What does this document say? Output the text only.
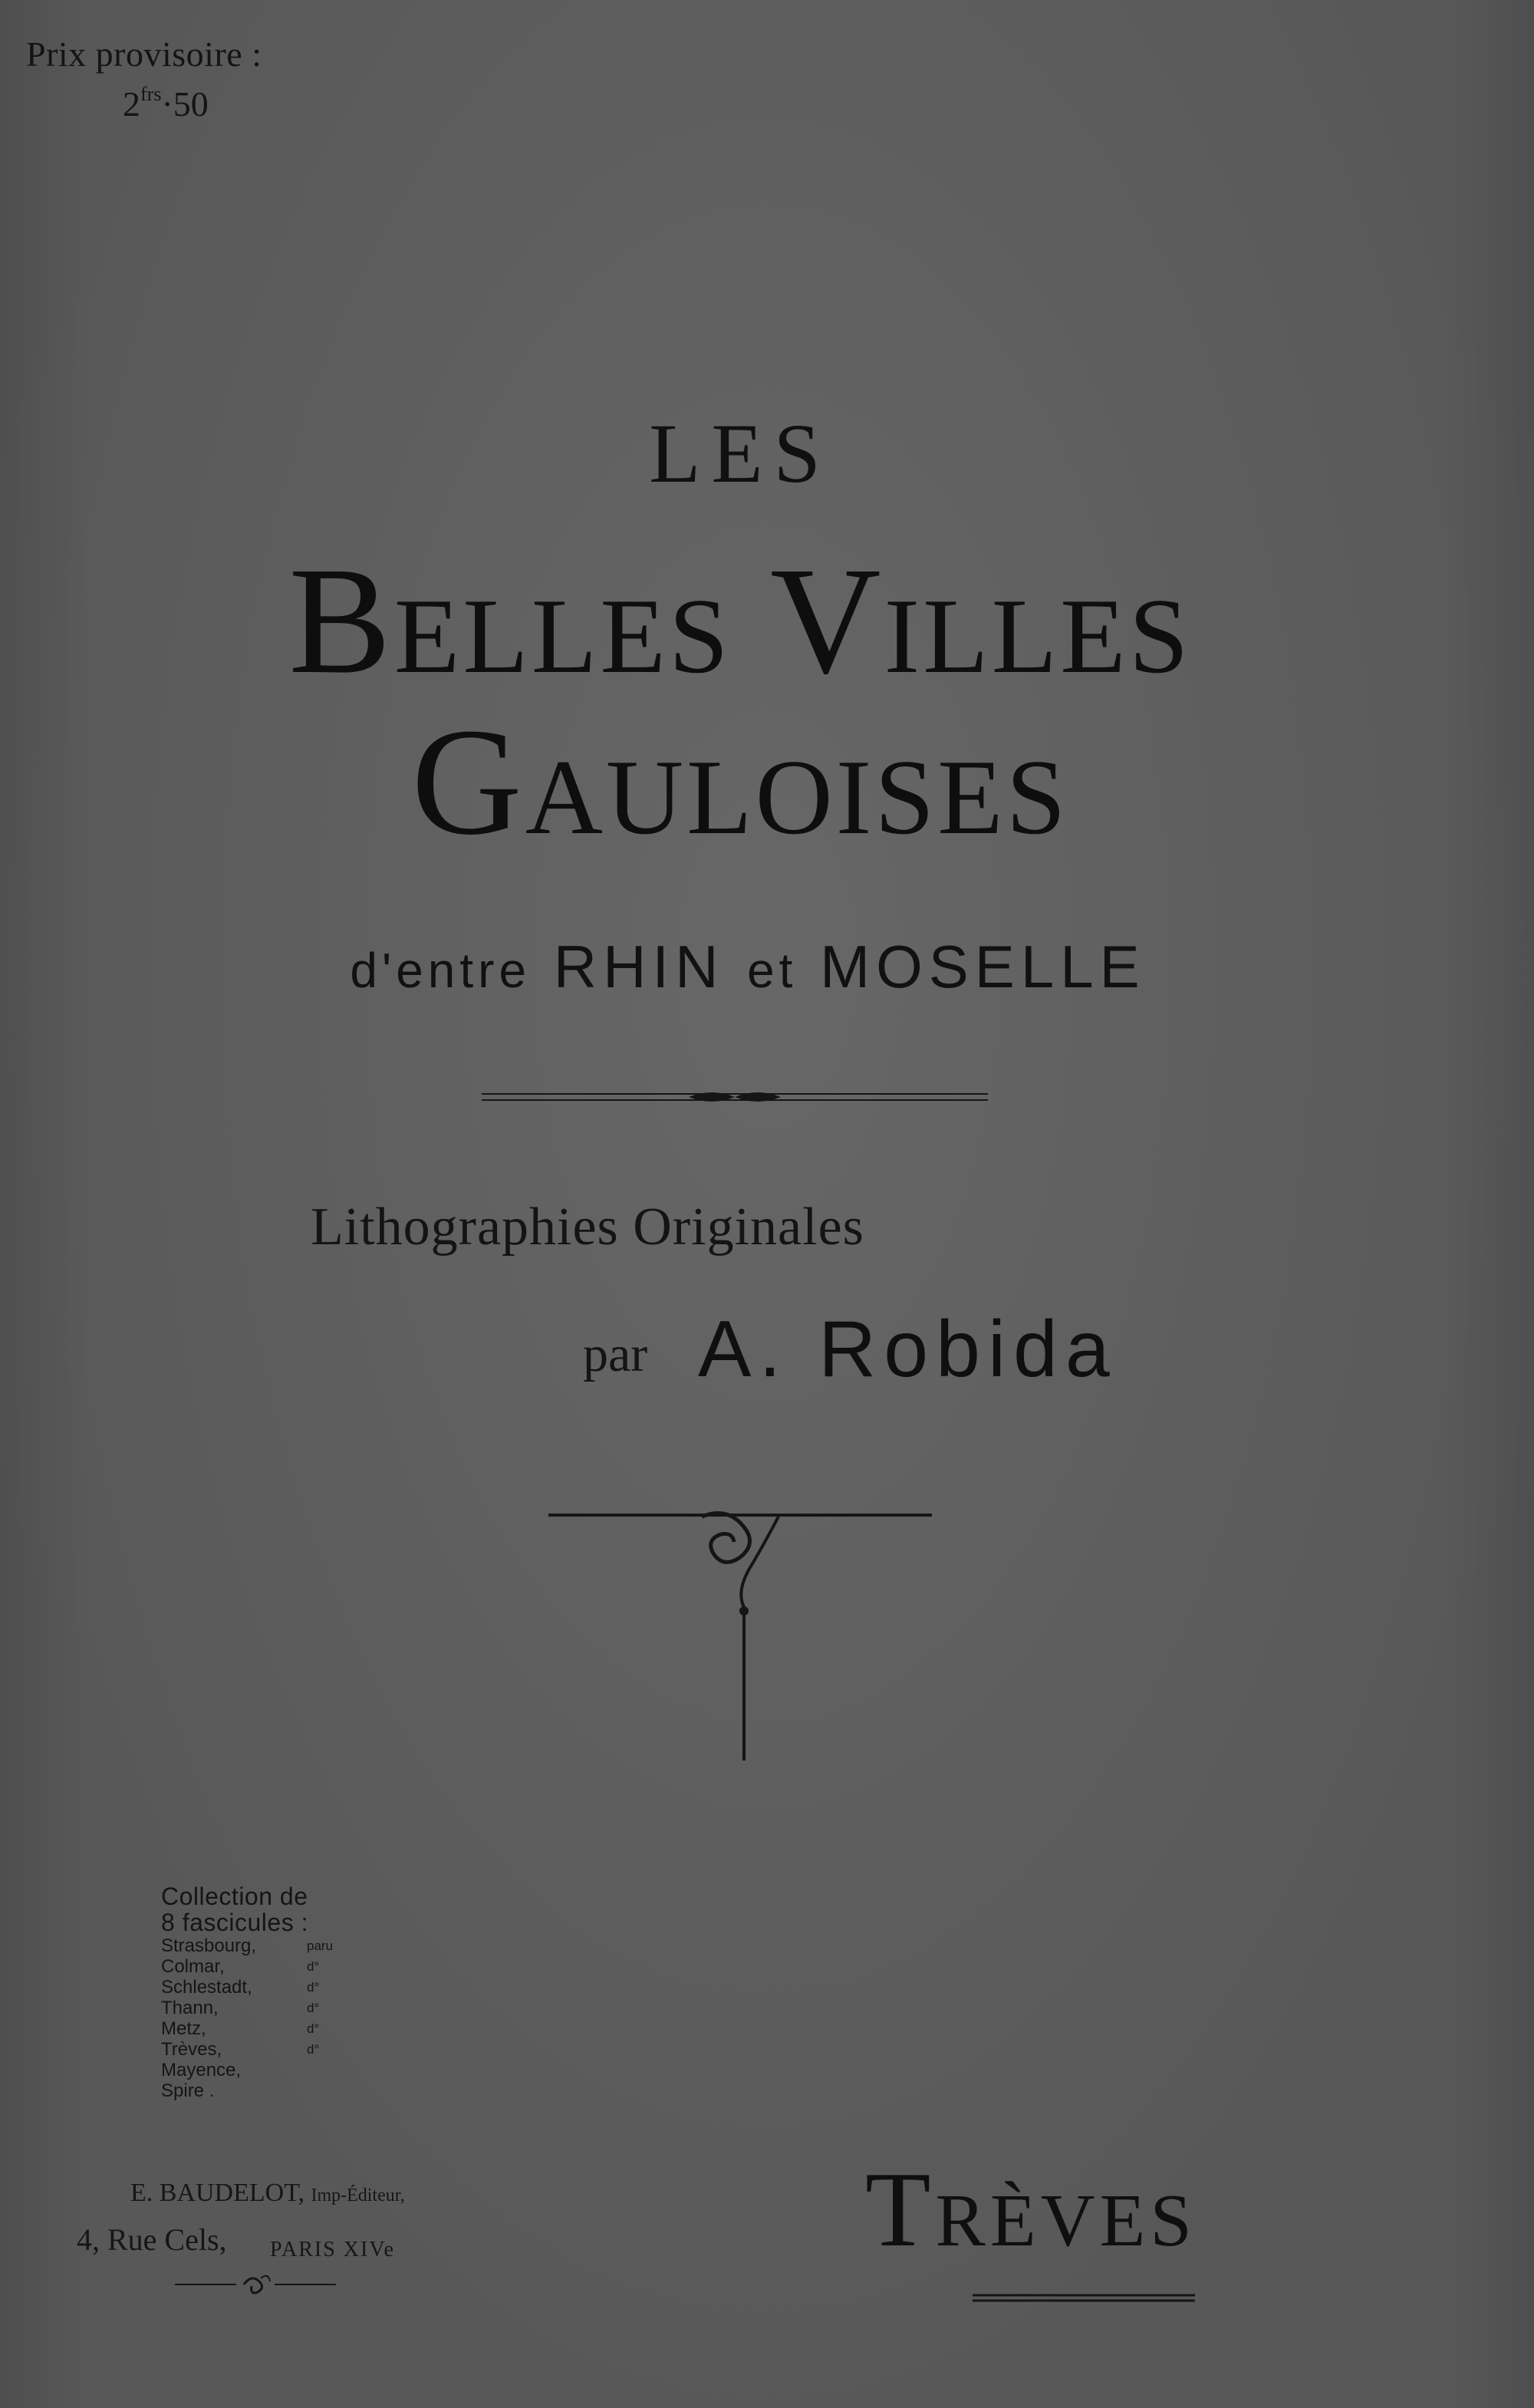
Prix provisoire :
$2^{frs}\cdot 50$
LES
Belles Villes
Gauloises
d'entre RHIN et MOSELLE
Lithographies Originales
par A. Robida
Collection de
8 fascicules :
Strasbourg,	paru
Colmar,	d°
Schlestadt,	d°
Thann,	d°
Metz,	d°
Trèves,	d°
Mayence,
Spire .
E. BAUDELOT, Imp-Éditeur,
4, Rue Cels, PARIS XIVe	Trèves
